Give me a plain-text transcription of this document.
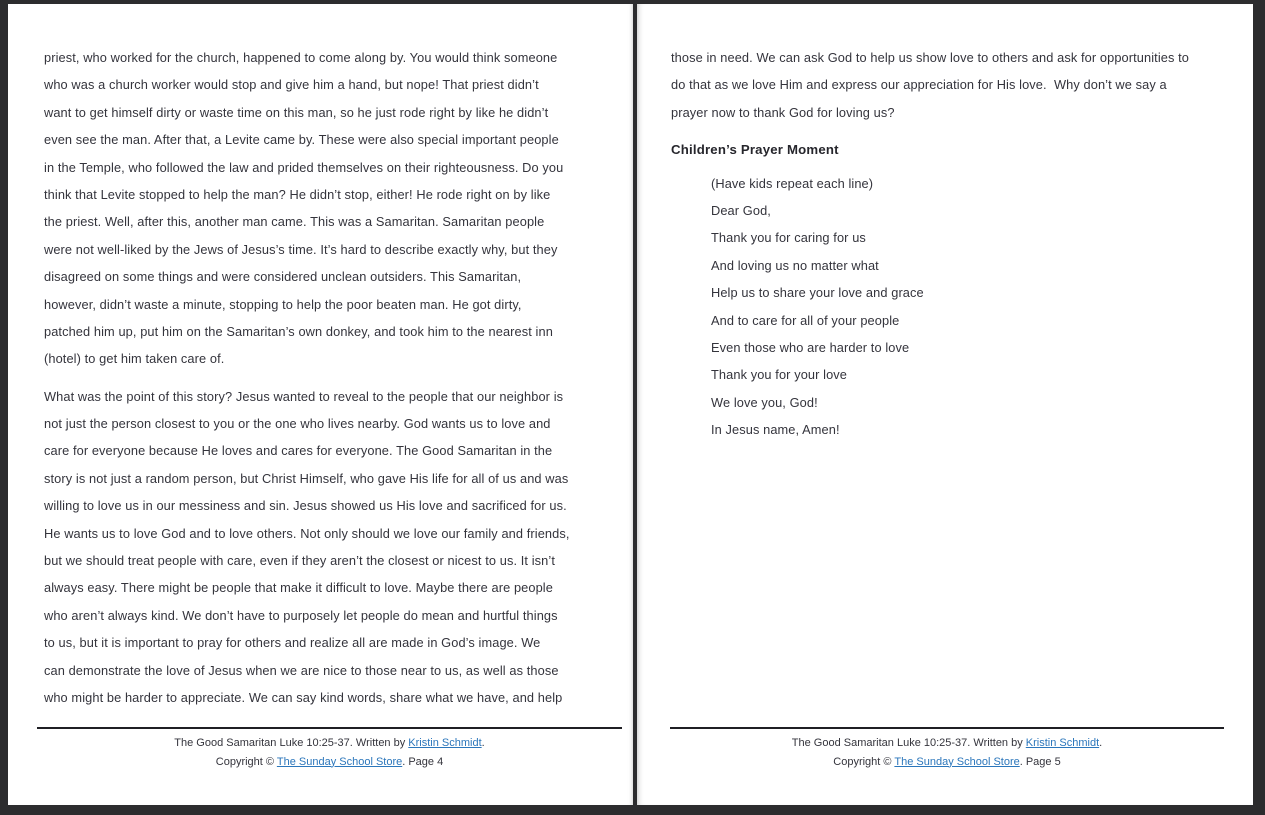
priest, who worked for the church, happened to come along by. You would think someone
who was a church worker would stop and give him a hand, but nope! That priest didn’t
want to get himself dirty or waste time on this man, so he just rode right by like he didn’t
even see the man. After that, a Levite came by. These were also special important people
in the Temple, who followed the law and prided themselves on their righteousness. Do you
think that Levite stopped to help the man? He didn’t stop, either! He rode right on by like
the priest. Well, after this, another man came. This was a Samaritan. Samaritan people
were not well-liked by the Jews of Jesus’s time. It’s hard to describe exactly why, but they
disagreed on some things and were considered unclean outsiders. This Samaritan,
however, didn’t waste a minute, stopping to help the poor beaten man. He got dirty,
patched him up, put him on the Samaritan’s own donkey, and took him to the nearest inn
(hotel) to get him taken care of.
What was the point of this story? Jesus wanted to reveal to the people that our neighbor is
not just the person closest to you or the one who lives nearby. God wants us to love and
care for everyone because He loves and cares for everyone. The Good Samaritan in the
story is not just a random person, but Christ Himself, who gave His life for all of us and was
willing to love us in our messiness and sin. Jesus showed us His love and sacrificed for us.
He wants us to love God and to love others. Not only should we love our family and friends,
but we should treat people with care, even if they aren’t the closest or nicest to us. It isn’t
always easy. There might be people that make it difficult to love. Maybe there are people
who aren’t always kind. We don’t have to purposely let people do mean and hurtful things
to us, but it is important to pray for others and realize all are made in God’s image. We
can demonstrate the love of Jesus when we are nice to those near to us, as well as those
who might be harder to appreciate. We can say kind words, share what we have, and help
The Good Samaritan Luke 10:25-37. Written by Kristin Schmidt.
Copyright © The Sunday School Store. Page 4
those in need. We can ask God to help us show love to others and ask for opportunities to
do that as we love Him and express our appreciation for His love.  Why don’t we say a
prayer now to thank God for loving us?
Children’s Prayer Moment
(Have kids repeat each line)
Dear God,
Thank you for caring for us
And loving us no matter what
Help us to share your love and grace
And to care for all of your people
Even those who are harder to love
Thank you for your love
We love you, God!
In Jesus name, Amen!
The Good Samaritan Luke 10:25-37. Written by Kristin Schmidt.
Copyright © The Sunday School Store. Page 5
